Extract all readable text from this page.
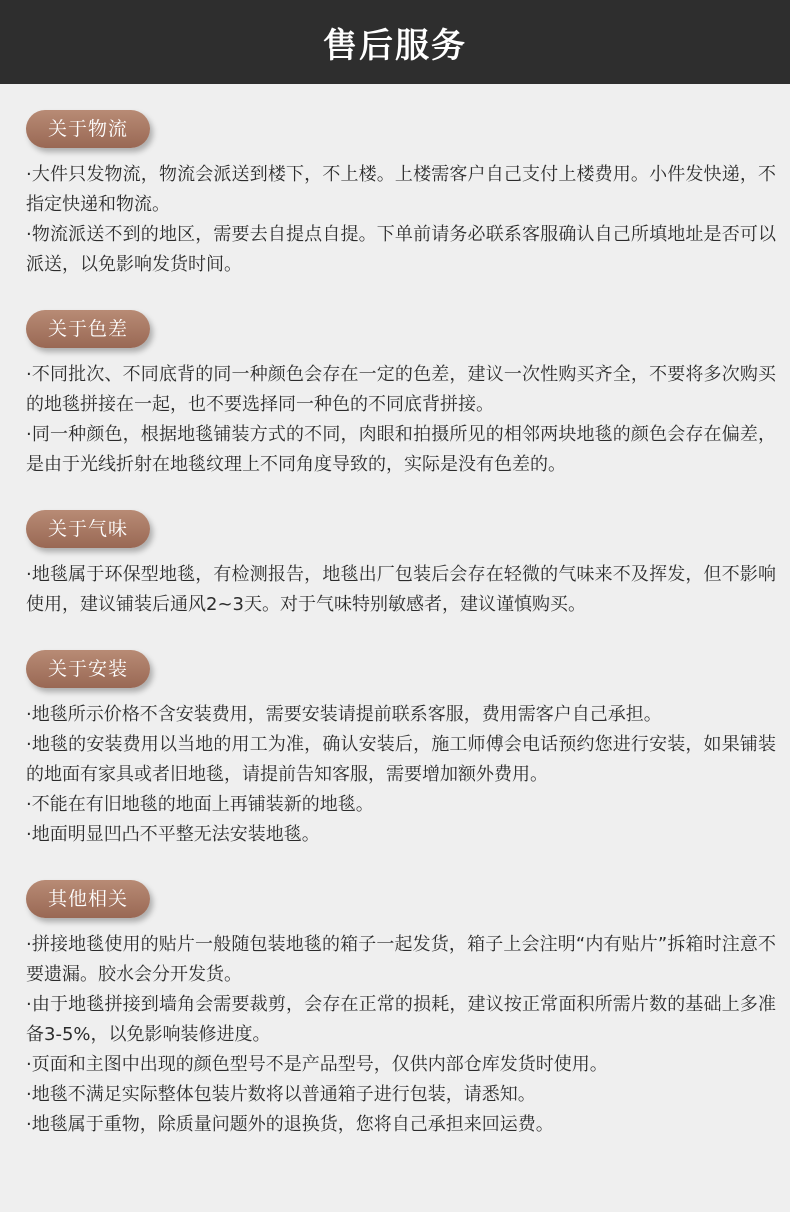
售后服务
关于物流
·大件只发物流，物流会派送到楼下，不上楼。上楼需客户自己支付上楼费用。小件发快递，不指定快递和物流。
·物流派送不到的地区，需要去自提点自提。下单前请务必联系客服确认自己所填地址是否可以派送，以免影响发货时间。
关于色差
·不同批次、不同底背的同一种颜色会存在一定的色差，建议一次性购买齐全，不要将多次购买的地毯拼接在一起，也不要选择同一种色的不同底背拼接。
·同一种颜色，根据地毯铺装方式的不同，肉眼和拍摄所见的相邻两块地毯的颜色会存在偏差，是由于光线折射在地毯纹理上不同角度导致的，实际是没有色差的。
关于气味
·地毯属于环保型地毯，有检测报告，地毯出厂包装后会存在轻微的气味来不及挥发，但不影响使用，建议铺装后通风2~3天。对于气味特别敏感者，建议谨慎购买。
关于安装
·地毯所示价格不含安装费用，需要安装请提前联系客服，费用需客户自己承担。
·地毯的安装费用以当地的用工为准，确认安装后，施工师傅会电话预约您进行安装，如果铺装的地面有家具或者旧地毯，请提前告知客服，需要增加额外费用。
·不能在有旧地毯的地面上再铺装新的地毯。
·地面明显凹凸不平整无法安装地毯。
其他相关
·拼接地毯使用的贴片一般随包装地毯的箱子一起发货，箱子上会注明“内有贴片”拆箱时注意不要遗漏。胶水会分开发货。
·由于地毯拼接到墙角会需要裁剪，会存在正常的损耗，建议按正常面积所需片数的基础上多准备3-5%，以免影响装修进度。
·页面和主图中出现的颜色型号不是产品型号，仅供内部仓库发货时使用。
·地毯不满足实际整体包装片数将以普通箱子进行包装，请悉知。
·地毯属于重物，除质量问题外的退换货，您将自己承担来回运费。
